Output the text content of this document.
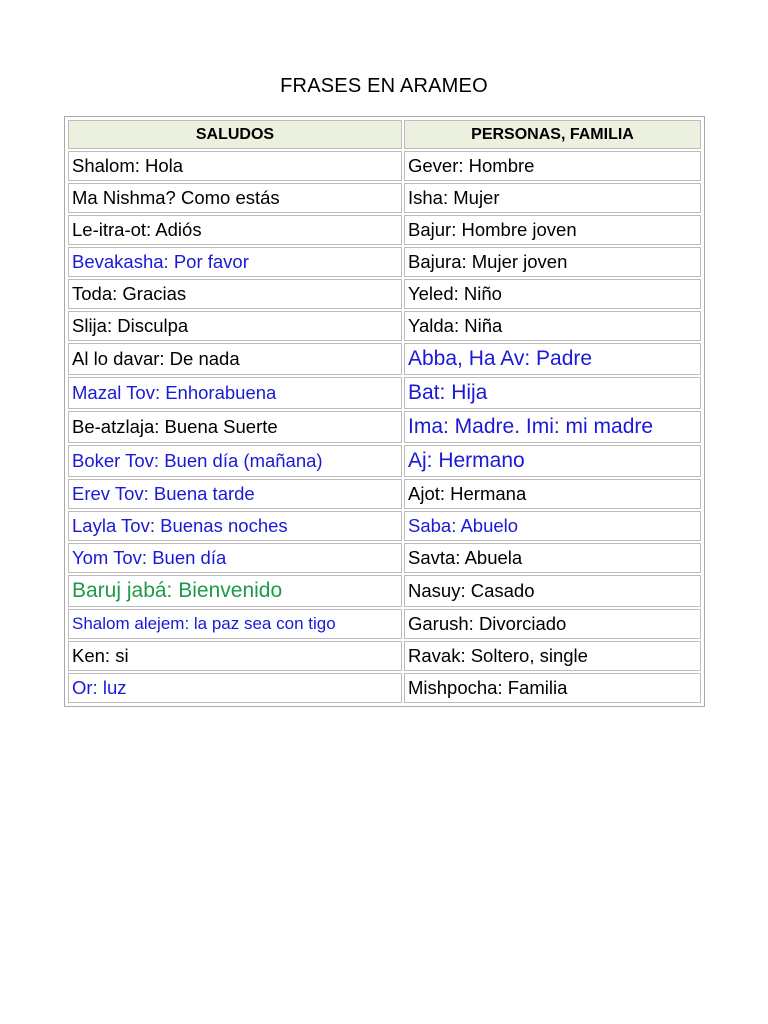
FRASES EN ARAMEO
SALUDOS	PERSONAS, FAMILIA
Shalom: Hola	Gever: Hombre
Ma Nishma? Como estás	Isha: Mujer
Le-itra-ot: Adiós	Bajur: Hombre joven
Bevakasha: Por favor	Bajura: Mujer joven
Toda: Gracias	Yeled: Niño
Slija: Disculpa	Yalda: Niña
Al lo davar: De nada	Abba, Ha Av: Padre
Mazal Tov: Enhorabuena	Bat: Hija
Be-atzlaja: Buena Suerte	Ima: Madre. Imi: mi madre
Boker Tov: Buen día (mañana)	Aj: Hermano
Erev Tov: Buena tarde	Ajot: Hermana
Layla Tov: Buenas noches	Saba: Abuelo
Yom Tov: Buen día	Savta: Abuela
Baruj jabá: Bienvenido	Nasuy: Casado
Shalom alejem: la paz sea con tigo	Garush: Divorciado
Ken: si	Ravak: Soltero, single
Or: luz	Mishpocha: Familia
